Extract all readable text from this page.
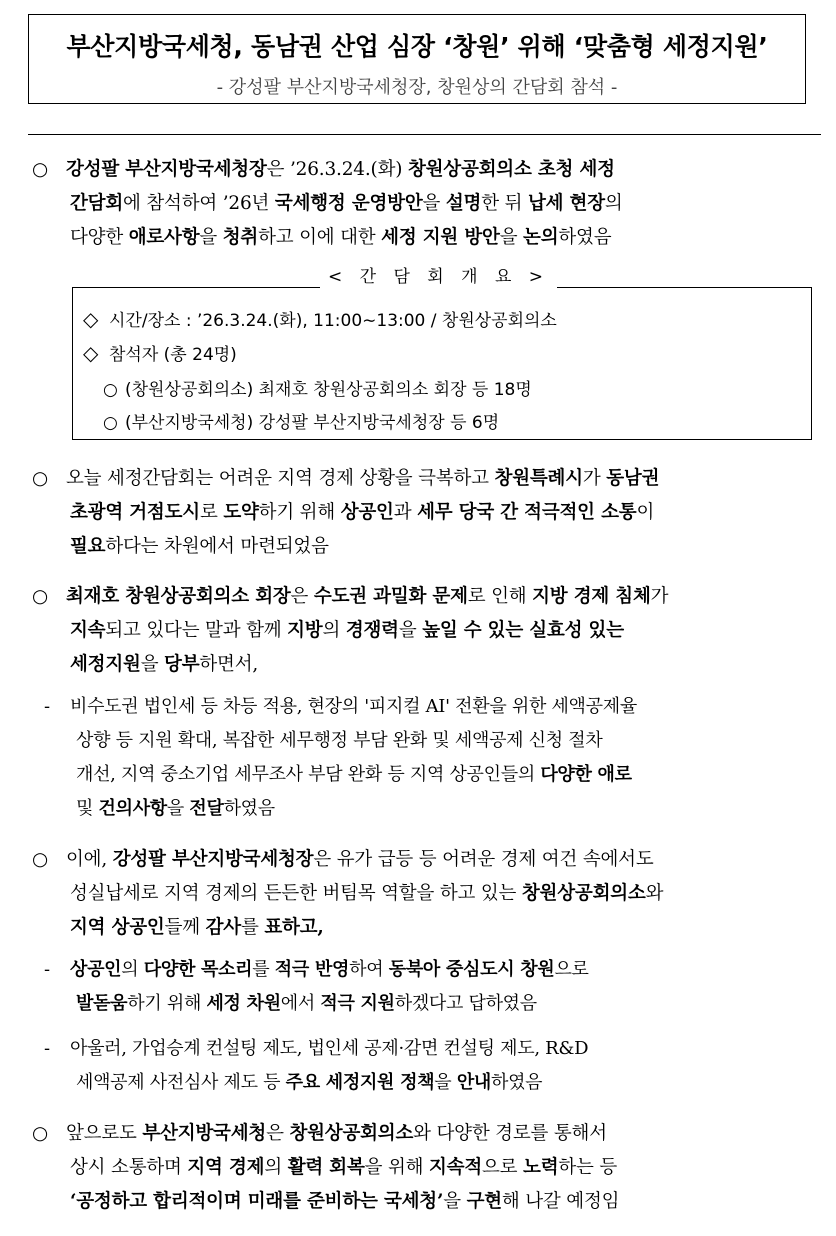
부산지방국세청, 동남권 산업 심장 ‘창원’ 위해 ‘맞춤형 세정지원’
- 강성팔 부산지방국세청장, 창원상의 간담회 참석 -
○ 강성팔 부산지방국세청장은 ’26.3.24.(화) 창원상공회의소 초청 세정
간담회에 참석하여 ’26년 국세행정 운영방안을 설명한 뒤 납세 현장의
다양한 애로사항을 청취하고 이에 대한 세정 지원 방안을 논의하였음
◇ 시간/장소 : ’26.3.24.(화), 11:00∼13:00 / 창원상공회의소
◇ 참석자 (총 24명)
○ (창원상공회의소) 최재호 창원상공회의소 회장 등 18명
○ (부산지방국세청) 강성팔 부산지방국세청장 등 6명
< 간 담 회 개 요 >
○ 오늘 세정간담회는 어려운 지역 경제 상황을 극복하고 창원특례시가 동남권
초광역 거점도시로 도약하기 위해 상공인과 세무 당국 간 적극적인 소통이
필요하다는 차원에서 마련되었음
○ 최재호 창원상공회의소 회장은 수도권 과밀화 문제로 인해 지방 경제 침체가
지속되고 있다는 말과 함께 지방의 경쟁력을 높일 수 있는 실효성 있는
세정지원을 당부하면서,
- 비수도권 법인세 등 차등 적용, 현장의 '피지컬 AI' 전환을 위한 세액공제율
상향 등 지원 확대, 복잡한 세무행정 부담 완화 및 세액공제 신청 절차
개선, 지역 중소기업 세무조사 부담 완화 등 지역 상공인들의 다양한 애로
및 건의사항을 전달하였음
○ 이에, 강성팔 부산지방국세청장은 유가 급등 등 어려운 경제 여건 속에서도
성실납세로 지역 경제의 든든한 버팀목 역할을 하고 있는 창원상공회의소와
지역 상공인들께 감사를 표하고,
- 상공인의 다양한 목소리를 적극 반영하여 동북아 중심도시 창원으로
발돋움하기 위해 세정 차원에서 적극 지원하겠다고 답하였음
- 아울러, 가업승계 컨설팅 제도, 법인세 공제·감면 컨설팅 제도, R&D
세액공제 사전심사 제도 등 주요 세정지원 정책을 안내하였음
○ 앞으로도 부산지방국세청은 창원상공회의소와 다양한 경로를 통해서
상시 소통하며 지역 경제의 활력 회복을 위해 지속적으로 노력하는 등
‘공정하고 합리적이며 미래를 준비하는 국세청’을 구현해 나갈 예정임
